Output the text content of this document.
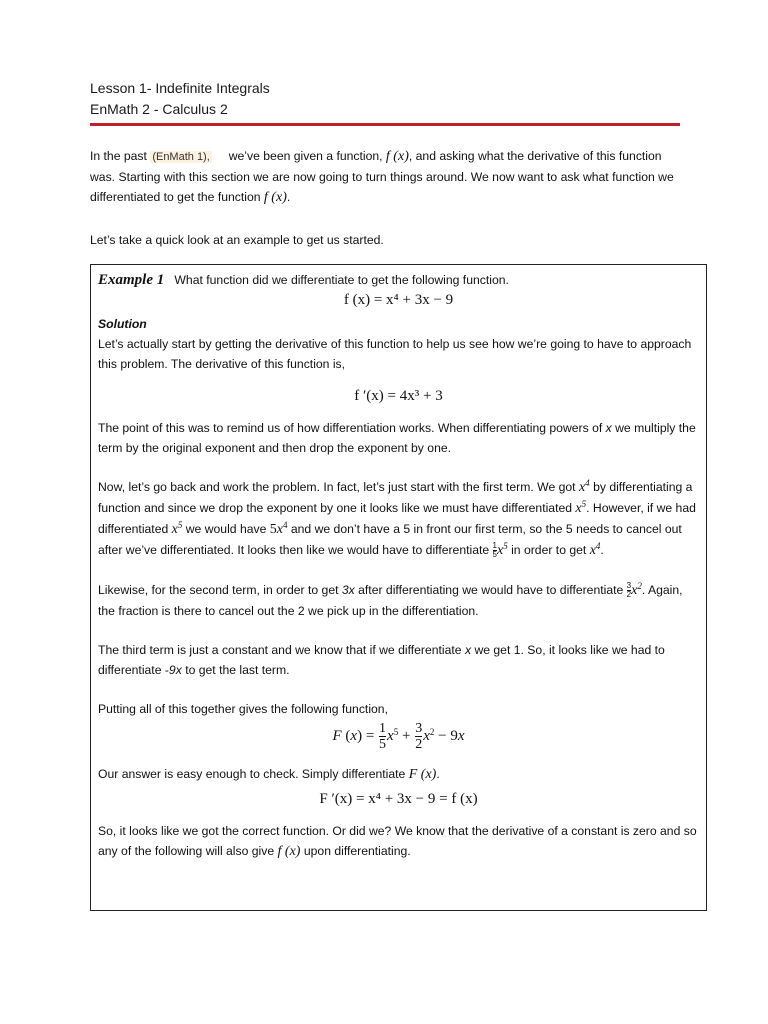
Lesson 1- Indefinite Integrals
EnMath 2 - Calculus 2

In the past (EnMath 1), we’ve been given a function, f (x), and asking what the derivative of this function was. Starting with this section we are now going to turn things around. We now want to ask what function we differentiated to get the function f (x).

Let’s take a quick look at an example to get us started.

Example 1 What function did we differentiate to get the following function.

f (x) = x⁴ + 3x − 9

Solution

Let’s actually start by getting the derivative of this function to help us see how we’re going to have to approach this problem. The derivative of this function is,

f ′(x) = 4x³ + 3

The point of this was to remind us of how differentiation works. When differentiating powers of x we multiply the term by the original exponent and then drop the exponent by one.

Now, let’s go back and work the problem. In fact, let’s just start with the first term. We got $x^4$ by differentiating a function and since we drop the exponent by one it looks like we must have differentiated $x^5$. However, if we had differentiated $x^5$ we would have $5x^4$ and we don’t have a 5 in front our first term, so the 5 needs to cancel out after we’ve differentiated. It looks then like we would have to differentiate $\frac{1}{5} x^5$ in order to get $x^4$.

Likewise, for the second term, in order to get 3x after differentiating we would have to differentiate $\frac{3}{2} x^2$. Again, the fraction is there to cancel out the 2 we pick up in the differentiation.

The third term is just a constant and we know that if we differentiate x we get 1. So, it looks like we had to differentiate -9x to get the last term.

Putting all of this together gives the following function,

F $(x) = \frac{1}{5} x^5 + \frac{3}{2} x^2 - 9x$

Our answer is easy enough to check. Simply differentiate F (x).

F ′(x) = x⁴ + 3x − 9 = f (x)

So, it looks like we got the correct function. Or did we? We know that the derivative of a constant is zero and so any of the following will also give f (x) upon differentiating.
